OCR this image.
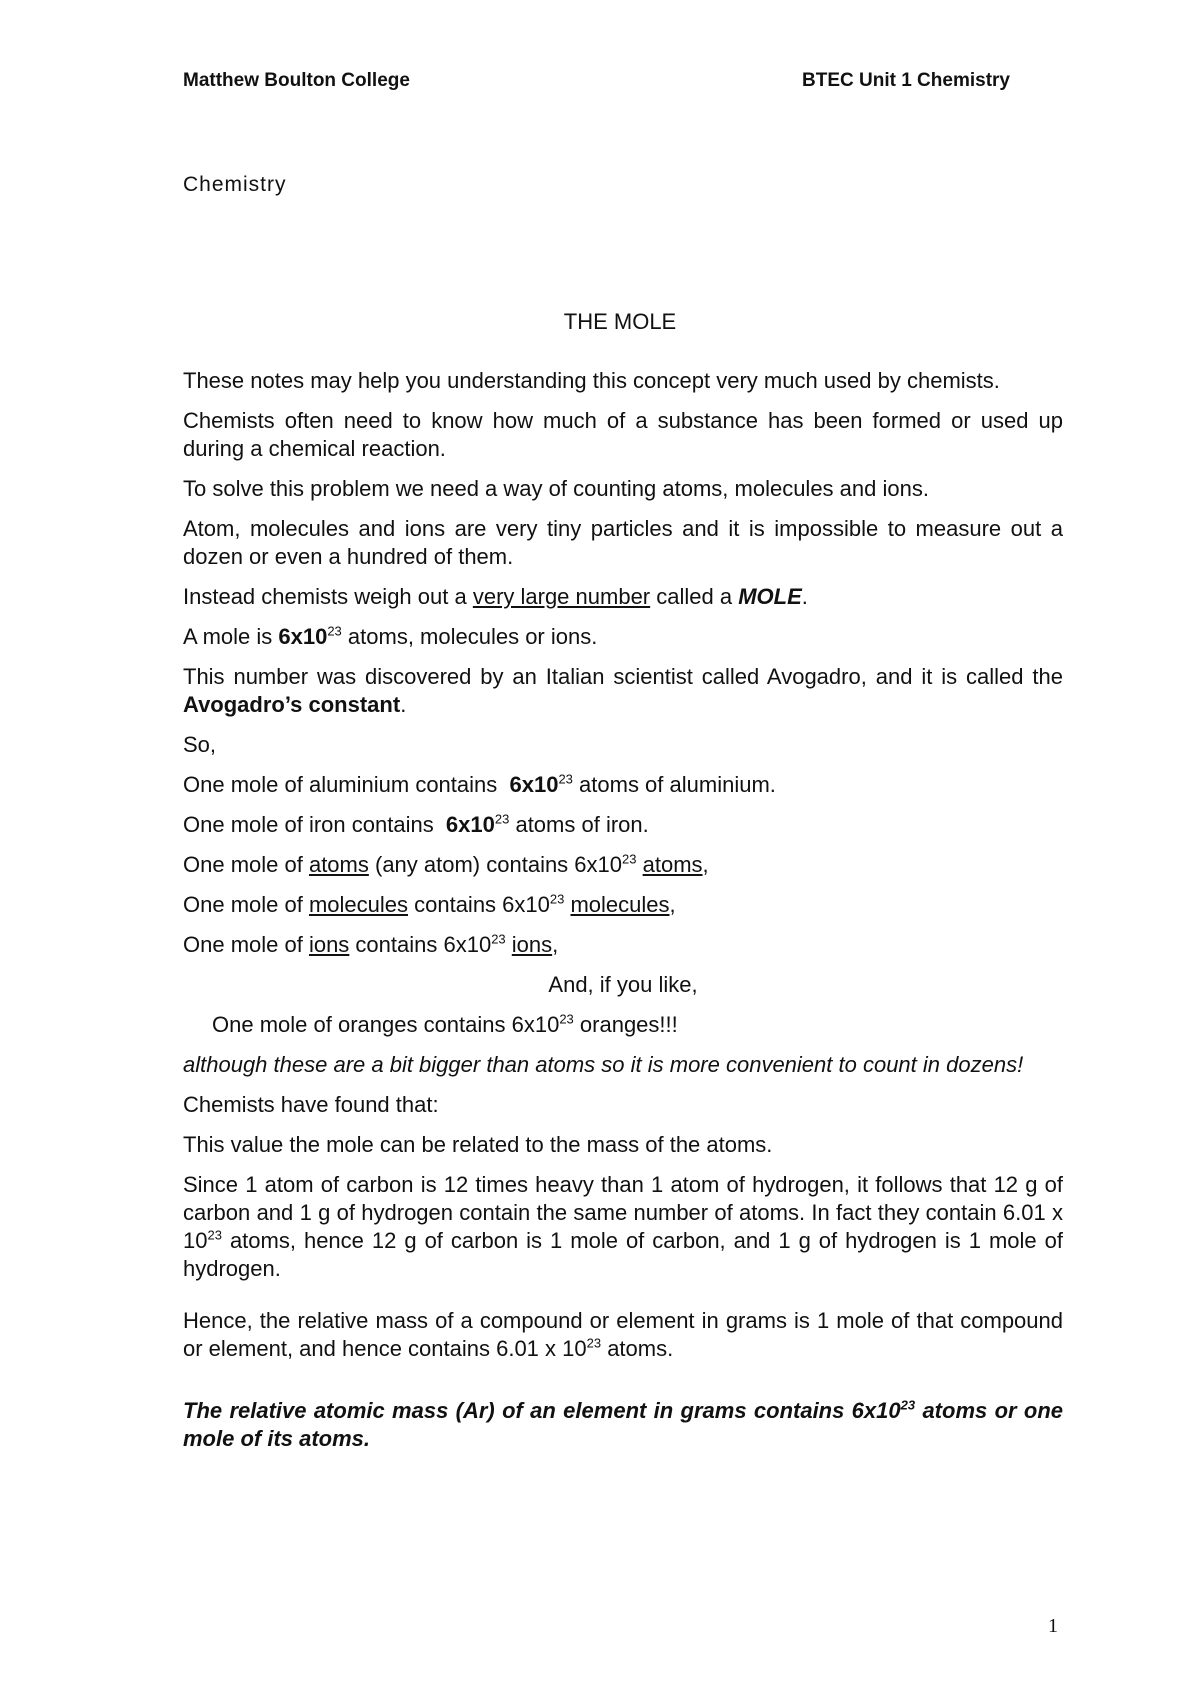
Matthew Boulton College	BTEC Unit 1 Chemistry
Chemistry
THE MOLE

These notes may help you understanding this concept very much used by chemists.

Chemists often need to know how much of a substance has been formed or used up during a chemical reaction.

To solve this problem we need a way of counting atoms, molecules and ions.

Atom, molecules and ions are very tiny particles and it is impossible to measure out a dozen or even a hundred of them.

Instead chemists weigh out a very large number called a MOLE.

A mole is $6x10^{23}$ atoms, molecules or ions.

This number was discovered by an Italian scientist called Avogadro, and it is called the Avogadro’s constant.

So,

One mole of aluminium contains  $6x10^{23}$ atoms of aluminium.

One mole of iron contains  $6x10^{23}$ atoms of iron.

One mole of atoms (any atom) contains $6x10^{23}$ atoms,

One mole of molecules contains $6x10^{23}$ molecules,

One mole of ions contains $6x10^{23}$ ions,

And, if you like,

One mole of oranges contains $6x10^{23}$ oranges!!!

although these are a bit bigger than atoms so it is more convenient to count in dozens!

Chemists have found that:

This value the mole can be related to the mass of the atoms.

Since 1 atom of carbon is 12 times heavy than 1 atom of hydrogen, it follows that 12 g of carbon and 1 g of hydrogen contain the same number of atoms. In fact they contain 6.01 x $10^{23}$ atoms, hence 12 g of carbon is 1 mole of carbon, and 1 g of hydrogen is 1 mole of hydrogen.

Hence, the relative mass of a compound or element in grams is 1 mole of that compound or element, and hence contains 6.01 x $10^{23}$ atoms.

The relative atomic mass (Ar) of an element in grams contains $6x10^{23}$ atoms or one mole of its atoms.

1
